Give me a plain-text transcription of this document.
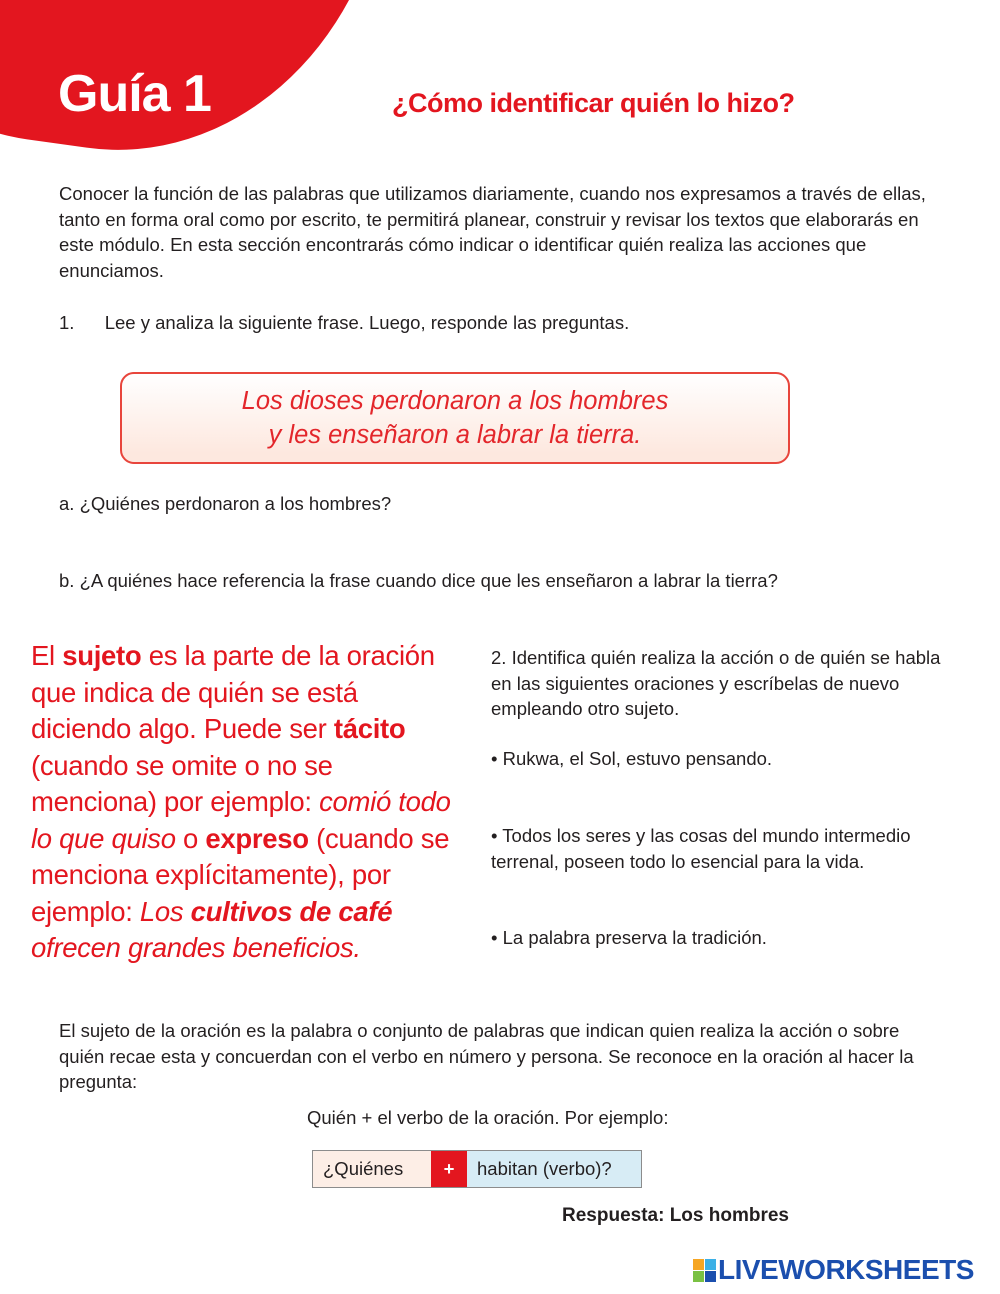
Guía 1	¿Cómo identificar quién lo hizo?
Conocer la función de las palabras que utilizamos diariamente, cuando nos expresamos a través de ellas, tanto en forma oral como por escrito, te permitirá planear, construir y revisar los textos que elaborarás en este módulo. En esta sección encontrarás cómo indicar o identificar quién realiza las acciones que enunciamos.
1. Lee y analiza la siguiente frase. Luego, responde las preguntas.
Los dioses perdonaron a los hombres
y les enseñaron a labrar la tierra.
a. ¿Quiénes perdonaron a los hombres?
b. ¿A quiénes hace referencia la frase cuando dice que les enseñaron a labrar la tierra?
El sujeto es la parte de la oración que indica de quién se está diciendo algo. Puede ser tácito (cuando se omite o no se menciona) por ejemplo: comió todo lo que quiso o expreso (cuando se menciona explícitamente), por ejemplo: Los cultivos de café ofrecen grandes beneficios.
2. Identifica quién realiza la acción o de quién se habla en las siguientes oraciones y escríbelas de nuevo empleando otro sujeto.
• Rukwa, el Sol, estuvo pensando.
• Todos los seres y las cosas del mundo intermedio terrenal, poseen todo lo esencial para la vida.
• La palabra preserva la tradición.
El sujeto de la oración es la palabra o conjunto de palabras que indican quien realiza la acción o sobre quién recae esta y concuerdan con el verbo en número y persona. Se reconoce en la oración al hacer la pregunta:
Quién + el verbo de la oración. Por ejemplo:
¿Quiénes	+	habitan (verbo)?
Respuesta: Los hombres
LIVEWORKSHEETS
